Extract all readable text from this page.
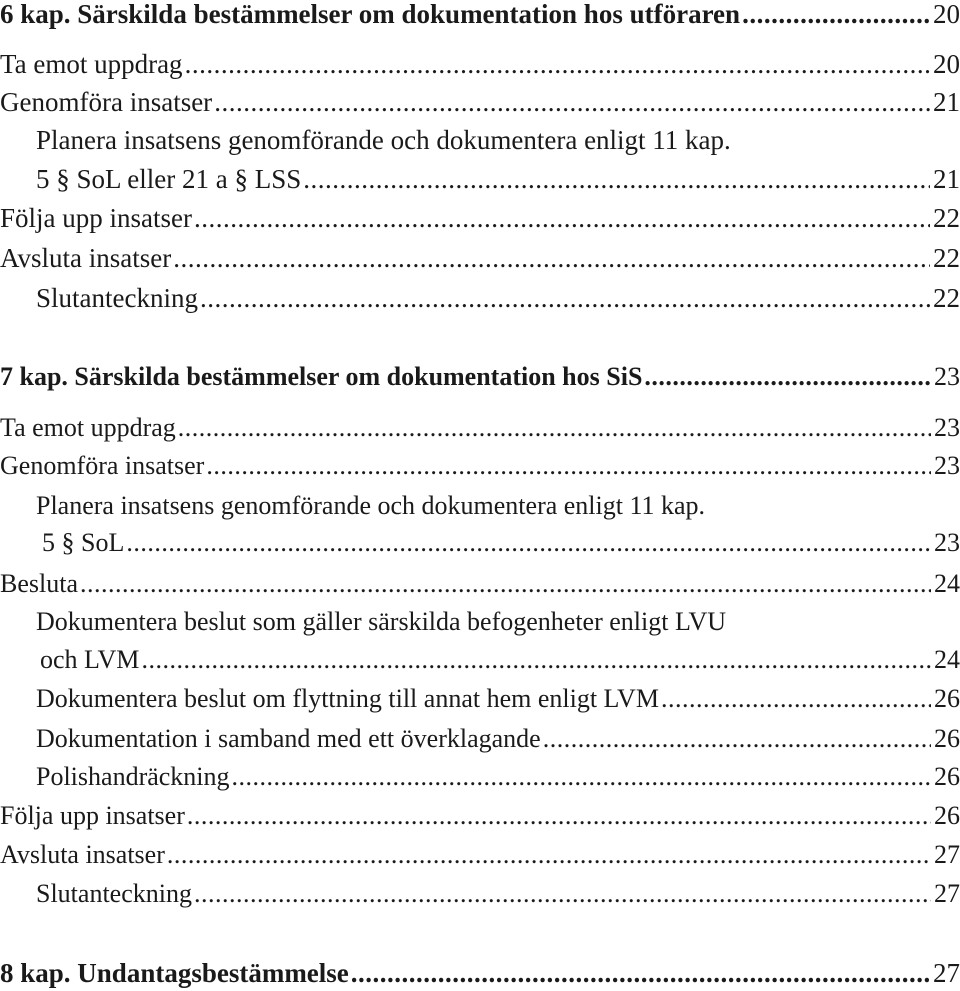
6 kap. Särskilda bestämmelser om dokumentation hos utföraren .....	20
Ta emot uppdrag .....	20
Genomföra insatser .....	21
Planera insatsens genomförande och dokumentera enligt 11 kap.
5 § SoL eller 21 a § LSS .....	21
Följa upp insatser .....	22
Avsluta insatser .....	22
Slutanteckning .....	22
7 kap. Särskilda bestämmelser om dokumentation hos SiS .....	23
Ta emot uppdrag .....	23
Genomföra insatser .....	23
Planera insatsens genomförande och dokumentera enligt 11 kap.
5 § SoL .....	23
Besluta .....	24
Dokumentera beslut som gäller särskilda befogenheter enligt LVU
och LVM .....	24
Dokumentera beslut om flyttning till annat hem enligt LVM .....	26
Dokumentation i samband med ett överklagande .....	26
Polishandräckning .....	26
Följa upp insatser .....	26
Avsluta insatser .....	27
Slutanteckning .....	27
8 kap. Undantagsbestämmelse .....	27
